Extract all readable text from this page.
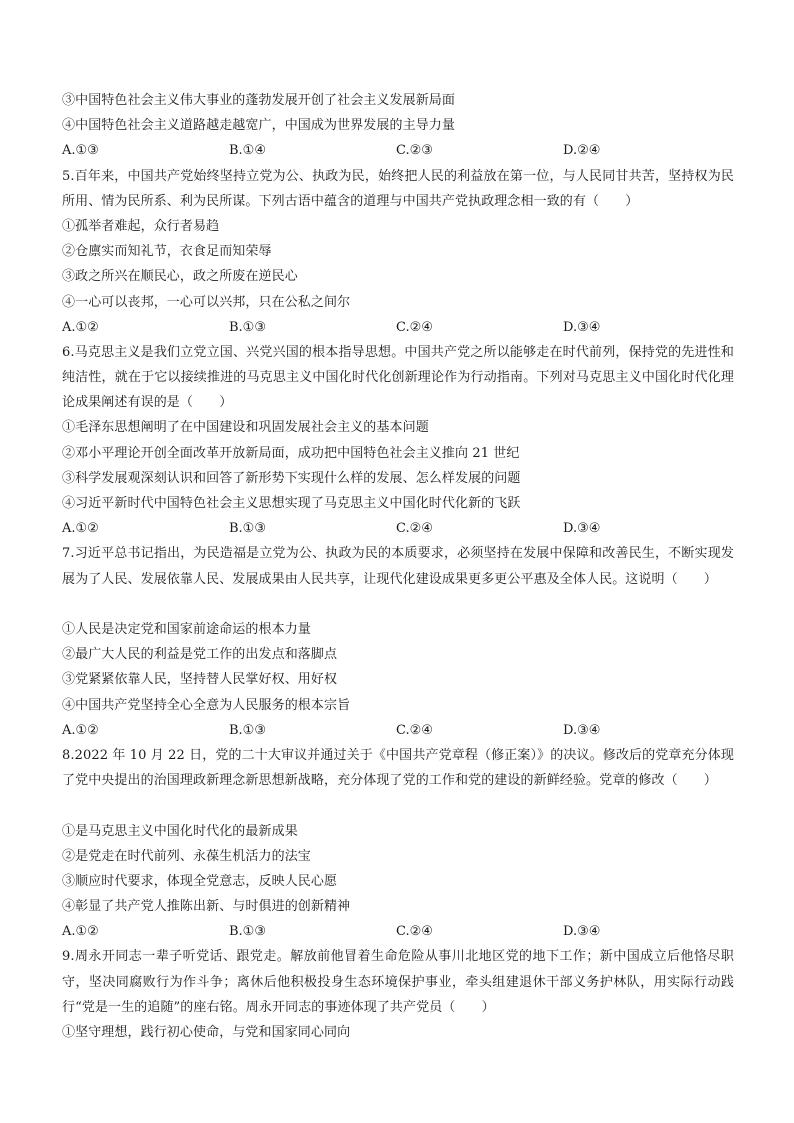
③中国特色社会主义伟大事业的蓬勃发展开创了社会主义发展新局面
④中国特色社会主义道路越走越宽广，中国成为世界发展的主导力量
A.①③	B.①④	C.②③	D.②④
5.百年来，中国共产党始终坚持立党为公、执政为民，始终把人民的利益放在第一位，与人民同甘共苦，坚持权为民所用、情为民所系、利为民所谋。下列古语中蕴含的道理与中国共产党执政理念相一致的有（　　）
①孤举者难起，众行者易趋
②仓廪实而知礼节，衣食足而知荣辱
③政之所兴在顺民心，政之所废在逆民心
④一心可以丧邦，一心可以兴邦，只在公私之间尔
A.①②	B.①③	C.②④	D.③④
6.马克思主义是我们立党立国、兴党兴国的根本指导思想。中国共产党之所以能够走在时代前列，保持党的先进性和纯洁性，就在于它以接续推进的马克思主义中国化时代化创新理论作为行动指南。下列对马克思主义中国化时代化理论成果阐述有误的是（　　）
①毛泽东思想阐明了在中国建设和巩固发展社会主义的基本问题
②邓小平理论开创全面改革开放新局面，成功把中国特色社会主义推向 21 世纪
③科学发展观深刻认识和回答了新形势下实现什么样的发展、怎么样发展的问题
④习近平新时代中国特色社会主义思想实现了马克思主义中国化时代化新的飞跃
A.①②	B.①③	C.②④	D.③④
7.习近平总书记指出，为民造福是立党为公、执政为民的本质要求，必须坚持在发展中保障和改善民生，不断实现发展为了人民、发展依靠人民、发展成果由人民共享，让现代化建设成果更多更公平惠及全体人民。这说明（　　）
①人民是决定党和国家前途命运的根本力量
②最广大人民的利益是党工作的出发点和落脚点
③党紧紧依靠人民，坚持替人民掌好权、用好权
④中国共产党坚持全心全意为人民服务的根本宗旨
A.①②	B.①③	C.②④	D.③④
8.2022 年 10 月 22 日，党的二十大审议并通过关于《中国共产党章程（修正案）》的决议。修改后的党章充分体现了党中央提出的治国理政新理念新思想新战略，充分体现了党的工作和党的建设的新鲜经验。党章的修改（　　）
①是马克思主义中国化时代化的最新成果
②是党走在时代前列、永葆生机活力的法宝
③顺应时代要求，体现全党意志，反映人民心愿
④彰显了共产党人推陈出新、与时俱进的创新精神
A.①②	B.①③	C.②④	D.③④
9.周永开同志一辈子听党话、跟党走。解放前他冒着生命危险从事川北地区党的地下工作；新中国成立后他恪尽职守，坚决同腐败行为作斗争；离休后他积极投身生态环境保护事业，牵头组建退休干部义务护林队，用实际行动践行“党是一生的追随”的座右铭。周永开同志的事迹体现了共产党员（　　）
①坚守理想，践行初心使命，与党和国家同心同向
